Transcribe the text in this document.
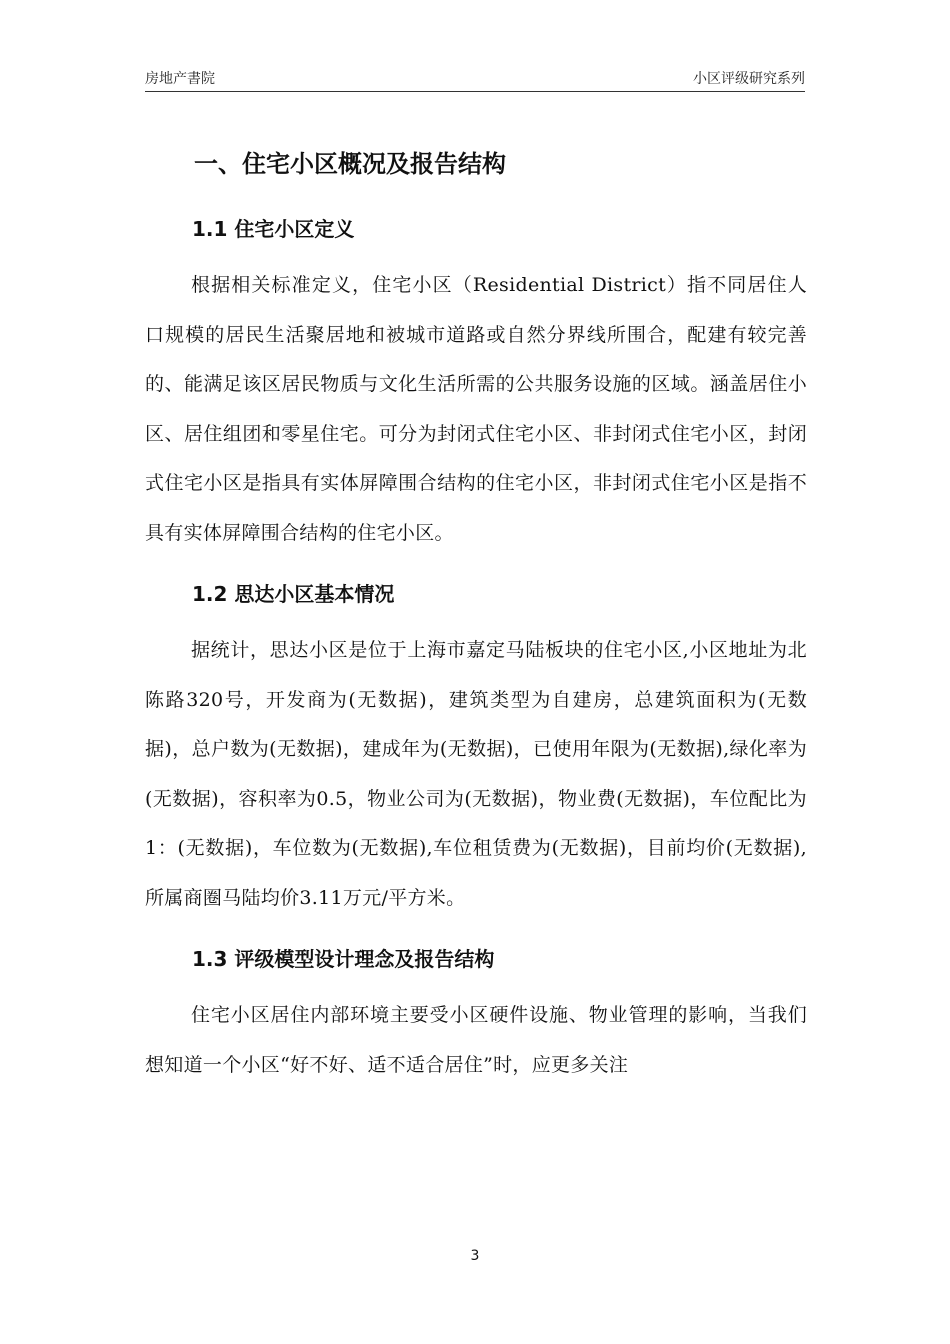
房地产書院	小区评级研究系列
一、住宅小区概况及报告结构
1.1 住宅小区定义

根据相关标准定义，住宅小区（Residential District）指不同居住人口规模的居民生活聚居地和被城市道路或自然分界线所围合，配建有较完善的、能满足该区居民物质与文化生活所需的公共服务设施的区域。涵盖居住小区、居住组团和零星住宅。可分为封闭式住宅小区、非封闭式住宅小区，封闭式住宅小区是指具有实体屏障围合结构的住宅小区，非封闭式住宅小区是指不具有实体屏障围合结构的住宅小区。

1.2 思达小区基本情况

据统计，思达小区是位于上海市嘉定马陆板块的住宅小区,小区地址为北陈路320号，开发商为(无数据)，建筑类型为自建房，总建筑面积为(无数据)，总户数为(无数据)，建成年为(无数据)，已使用年限为(无数据),绿化率为(无数据)，容积率为0.5，物业公司为(无数据)，物业费(无数据)，车位配比为1：(无数据)，车位数为(无数据),车位租赁费为(无数据)，目前均价(无数据),所属商圈马陆均价3.11万元/平方米。

1.3 评级模型设计理念及报告结构

住宅小区居住内部环境主要受小区硬件设施、物业管理的影响，当我们想知道一个小区“好不好、适不适合居住”时，应更多关注

3
